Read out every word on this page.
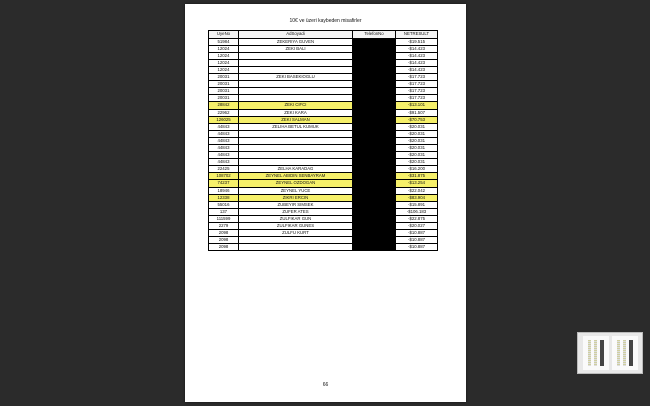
10€ ve üzeri kaybeden misafirler
UyeNo	AdSoyadi	TelefonNo	NETRESULT
51984	ZEKERIYA GUVEN		-$19.515
12024	ZEKI BALI		-$14.423
12024			-$14.423
12024			-$14.423
12024			-$14.423
20031	ZEKI BASEKIOGLU		-$17.723
20031			-$17.723
20031			-$17.723
20031			-$17.723
28842	ZEKI CIFCI		-$13.101
22962	ZEKI KARA		-$91.507
126025	ZEKI SALMAN		-$70.753
44843	ZELIHA BETUL KUMUK		-$20.031
44843			-$20.031
44843			-$20.031
44843			-$20.031
44843			-$20.031
44843			-$20.031
22425	ZELHA KARADAG		-$16.200
108702	ZEYNEL ABIDIN SENBAYRAM		-$31.875
74237	ZEYNEL OZDOGAN		-$13.254
18946	ZEYNEL YUCE		-$22.042
12338	ZIKRI ERCIN		-$83.904
55016	ZUBEYIR SIMSEK		-$15.891
137	ZUFER ATES		-$106.183
111599	ZULFIKAR GUN		-$22.875
2279	ZULFIKAR GUNES		-$20.027
2098	ZULFU KURT		-$10.887
2098			-$10.887
2098			-$10.887
66
